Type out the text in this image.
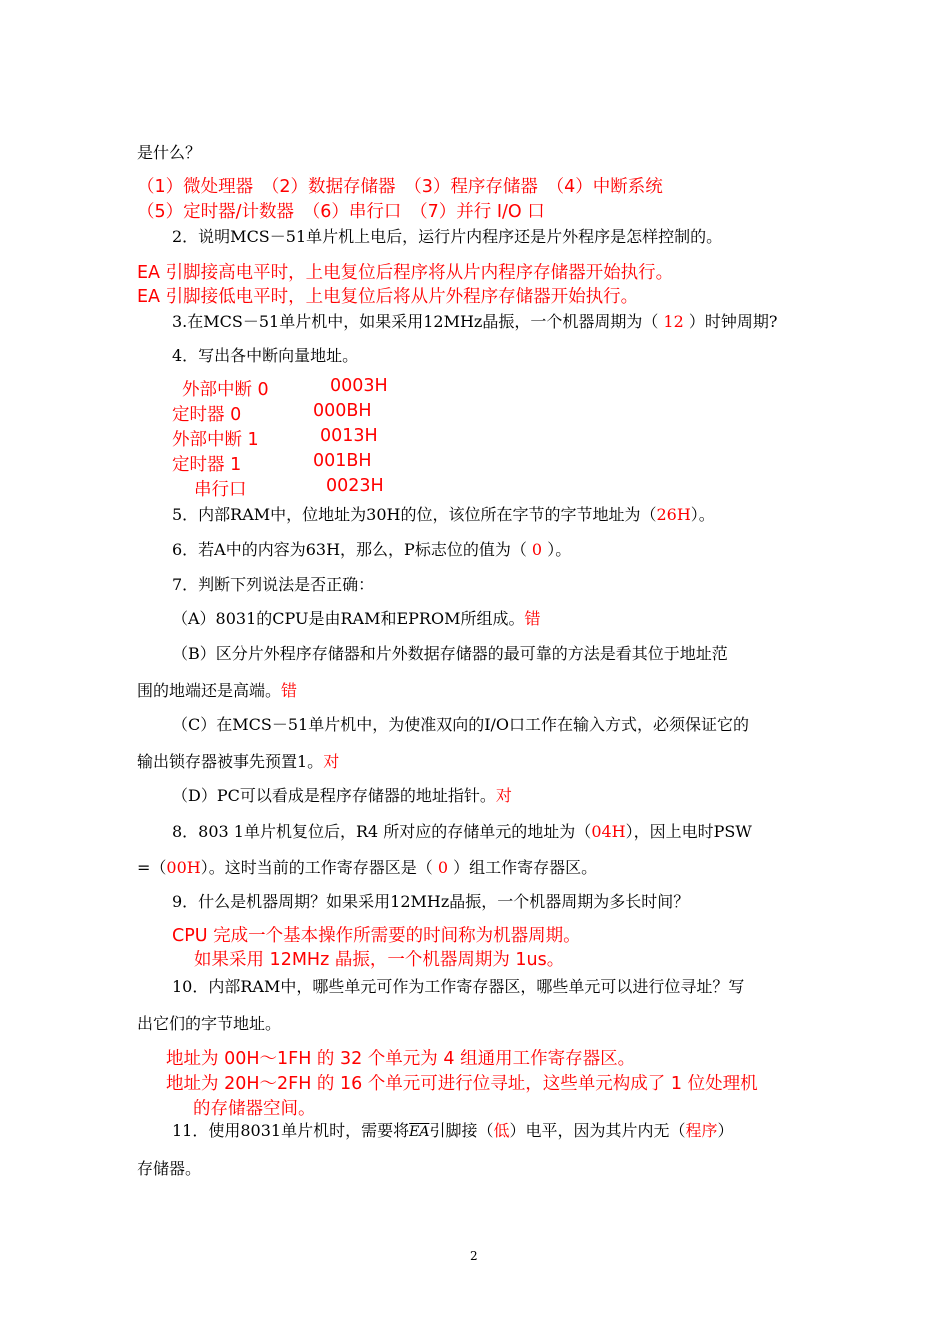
是什么？
（1）微处理器　（2）数据存储器　（3）程序存储器　（4）中断系统
（5）定时器/计数器　（6）串行口　（7）并行 I/O 口
2．说明MCS－51单片机上电后，运行片内程序还是片外程序是怎样控制的。
EA 引脚接高电平时，上电复位后程序将从片内程序存储器开始执行。
EA 引脚接低电平时，上电复位后将从片外程序存储器开始执行。
3.在MCS－51单片机中，如果采用12MHz晶振，一个机器周期为（ 12 ）时钟周期?
4．写出各中断向量地址。
外部中断 0	0003H
定时器 0	000BH
外部中断 1	0013H
定时器 1	001BH
串行口	0023H
5．内部RAM中，位地址为30H的位，该位所在字节的字节地址为（26H）。
6．若A中的内容为63H，那么，P标志位的值为（ 0 ）。
7．判断下列说法是否正确：
（A）8031的CPU是由RAM和EPROM所组成。错
（B）区分片外程序存储器和片外数据存储器的最可靠的方法是看其位于地址范
围的地端还是高端。错
（C）在MCS－51单片机中，为使准双向的I/O口工作在输入方式，必须保证它的
输出锁存器被事先预置1。对
（D）PC可以看成是程序存储器的地址指针。对
8．803 1单片机复位后，R4 所对应的存储单元的地址为（04H），因上电时PSW
=（00H）。这时当前的工作寄存器区是（ 0 ）组工作寄存器区。
9．什么是机器周期？如果采用12MHz晶振，一个机器周期为多长时间？
CPU 完成一个基本操作所需要的时间称为机器周期。
如果采用 12MHz 晶振，一个机器周期为 1us。
10．内部RAM中，哪些单元可作为工作寄存器区，哪些单元可以进行位寻址？写
出它们的字节地址。
地址为 00H～1FH 的 32 个单元为 4 组通用工作寄存器区。
地址为 20H～2FH 的 16 个单元可进行位寻址，这些单元构成了 1 位处理机
的存储器空间。
11．使用8031单片机时，需要将$\overline{EA}$引脚接（低）电平，因为其片内无（程序）
存储器。
2
